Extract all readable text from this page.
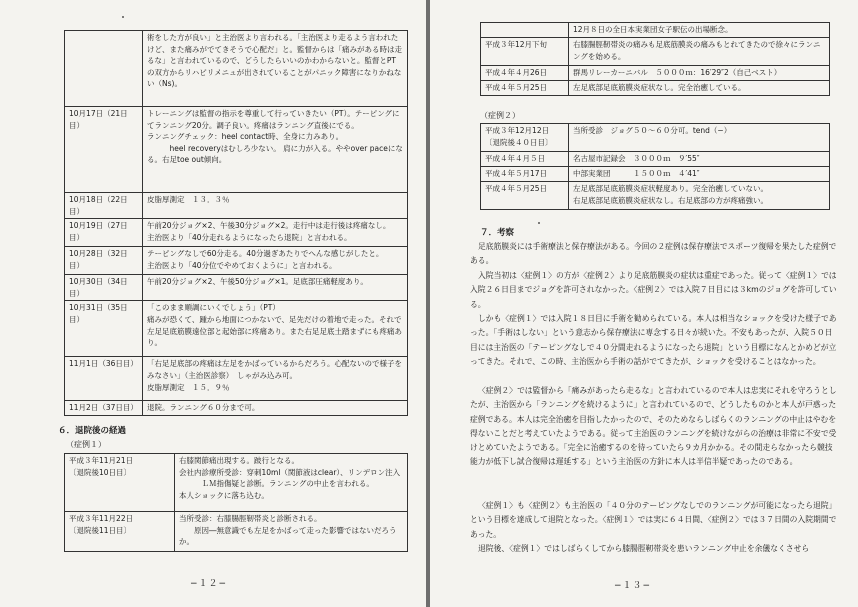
	術をした方が良い」と主治医より言われる。「主治医より走るよう言われたけど、また痛みがでてきそうで心配だ」と。監督からは「痛みがある時は走るな」と言われているので、どうしたらいいのかわからないと。監督とPTの双方からリハビリメニュが出されていることがパニック障害になりかねない（Ns)。
10月17日（21日目）	トレーニングは監督の指示を尊重して行っていきたい（PT）。テーピングにてランニング20分。調子良い。疼痛はランニング直後にでる。
ランニングチェック：heel contact時、全身に力みあり。
　　　heel recoveryはむしろ少ない。 肩に力が入る。ややover paceになる。右足toe out傾向。
10月18日（22日目）	皮脂厚測定　１３．３％
10月19日（27日目）	午前20分ジョグ×2、午後30分ジョグ×2。走行中は走行後は疼痛なし。
主治医より「40分走れるようになったら退院」と言われる。
10月28日（32日目）	テーピングなしで60分走る。40分過ぎあたりでへんな感じがしたと。
主治医より「40分位でやめておくように」と言われる。
10月30日（34日目）	午前20分ジョグ×2、午後50分ジョグ×1。足底部圧痛軽度あり。
10月31日（35日目）	「このまま順調にいくでしょう」（PT）
痛みが恐くて、踵から地面につかないで、足先だけの着地で走った。それで左足足底筋膜遠位部と起始部に疼痛あり。また右足足底土踏まずにも疼痛あり。
11月1日（36日目）	「右足足底部の疼痛は左足をかばっているからだろう。心配ないので様子をみなさい」（主治医診察）　しゃがみ込み可。
皮脂厚測定　１５．９％
11月2日（37日目）	退院。ランニング６０分まで可。
６．退院後の経過
（症例１）
平成３年11月21日
〔退院後10日目〕	右膝関節痛出現する。跛行となる。
会社内診療所受診：穿刺10ml（関節液はclear）、リンデロン注入
　　　ＬＭ指傷疑と診断。ランニングの中止を言われる。
本人ショックに落ち込む。
平成３年11月22日
〔退院後11日目〕	当所受診：右膝腸脛靭帯炎と診断される。
　　原因―無意識でも左足をかばって走った影響ではないだろうか。
−１２−
	12月８日の全日本実業団女子駅伝の出場断念。
平成３年12月下旬	右膝腸脛靭帯炎の痛みも足底筋膜炎の痛みもとれてきたので徐々にランニングを始める。
平成４年４月26日	群馬リレーカーニバル　５０００ｍ：16′29″2（自己ベスト）
平成４年５月25日	左足底部足底筋膜炎症状なし。完全治癒している。
（症例２）
平成３年12月12日
〔退院後４０日目〕	当所受診　ジョグ５０〜６０分可。tend（−）
平成４年４月５日	名古屋市記録会　３０００ｍ　９′55″
平成４年５月17日	中部実業団　　　１５００ｍ　４′41″
平成４年５月25日	左足底部足底筋膜炎症状軽度あり。完全治癒していない。
右足底部足底筋膜炎症状なし。右足底部の方が疼痛強い。
７．考察
足底筋膜炎には手術療法と保存療法がある。今回の２症例は保存療法でスポーツ復帰を果たした症例である。
入院当初は〈症例１〉の方が〈症例２〉より足底筋膜炎の症状は重症であった。従って〈症例１〉では入院２６日目までジョグを許可されなかった。〈症例２〉では入院７日目には３kmのジョグを許可している。
しかも〈症例１〉では入院１８日目に手術を勧められている。本人は相当なショックを受けた様子であった。「手術はしない」という意志から保存療法に専念する日々が続いた。不安もあったが、入院５０日目には主治医の「テーピングなしで４０分間走れるようになったら退院」という目標になんとかめどが立ってきた。それで、この時、主治医から手術の話がでてきたが、ショックを受けることはなかった。
〈症例２〉では監督から「痛みがあったら走るな」と言われているので本人は忠実にそれを守ろうとしたが、主治医から「ランニングを続けるように」と言われているので、どうしたものかと本人が戸惑った症例である。本人は完全治癒を目指したかったので、そのためならしばらくのランニングの中止はやむを得ないことだと考えていたようである。従って主治医のランニングを続けながらの治療は非常に不安で受けとめていたようである。「完全に治癒するのを待っていたら９カ月かかる。その間走らなかったら競技能力が低下し試合復帰は遅延する」という主治医の方針に本人は半信半疑であったのである。
〈症例１〉も〈症例２〉も主治医の「４０分のテーピングなしでのランニングが可能になったら退院」という目標を達成して退院となった。〈症例１〉では実に６４日間、〈症例２〉では３７日間の入院期間であった。
退院後、〈症例１〉ではしばらくしてから膝腸脛靭帯炎を患いランニング中止を余儀なくさせら
−１３−
